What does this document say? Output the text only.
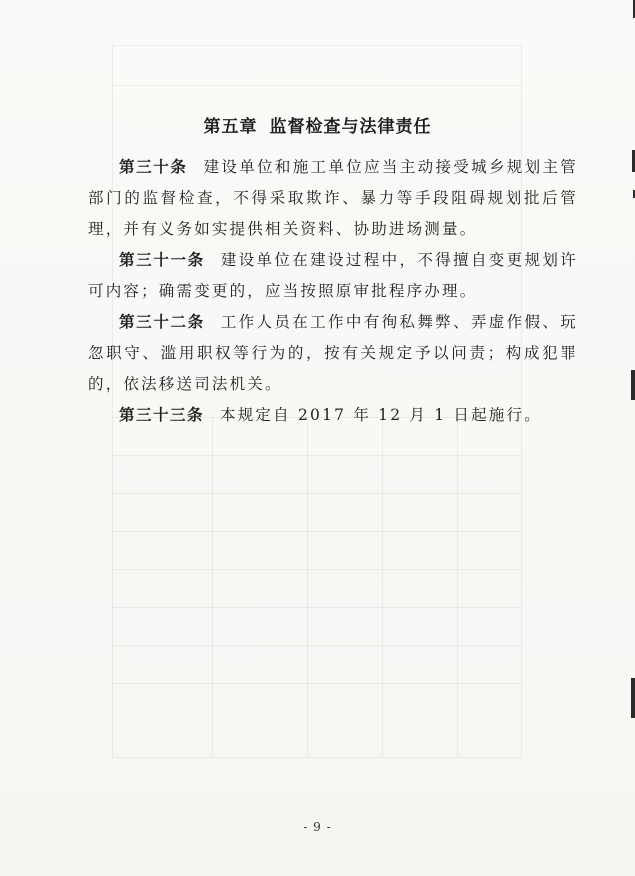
第五章 监督检查与法律责任

第三十条 建设单位和施工单位应当主动接受城乡规划主管部门的监督检查，不得采取欺诈、暴力等手段阻碍规划批后管理，并有义务如实提供相关资料、协助进场测量。

第三十一条 建设单位在建设过程中，不得擅自变更规划许可内容；确需变更的，应当按照原审批程序办理。

第三十二条 工作人员在工作中有徇私舞弊、弄虚作假、玩忽职守、滥用职权等行为的，按有关规定予以问责；构成犯罪的，依法移送司法机关。

第三十三条 本规定自 2017 年 12 月 1 日起施行。

- 9 -
